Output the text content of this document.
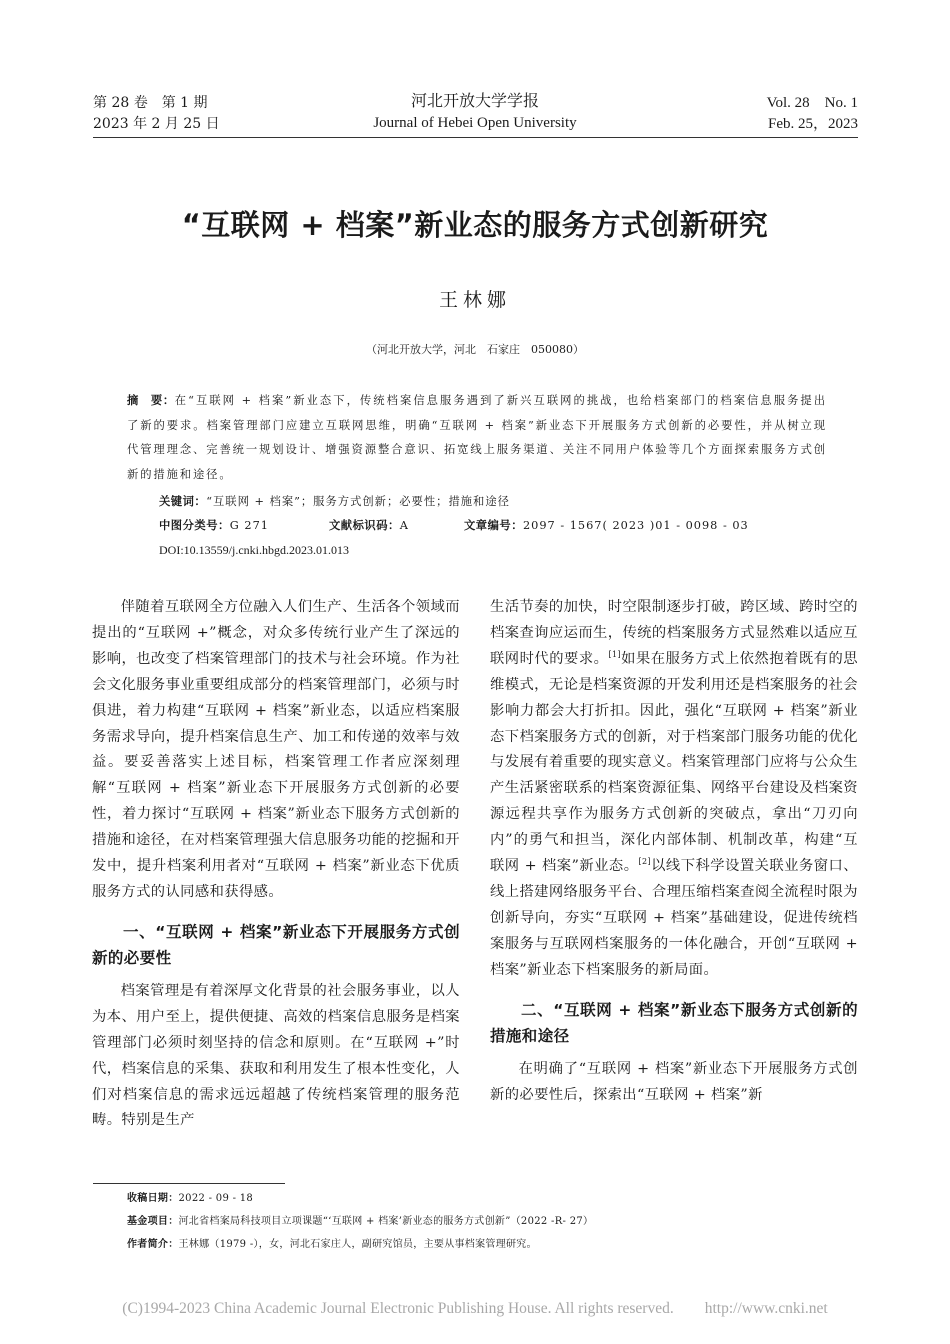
第 28 卷　第 1 期
2023 年 2 月 25 日
河北开放大学学报
Journal of Hebei Open University
Vol. 28　No. 1
Feb. 25，2023
“互联网 + 档案”新业态的服务方式创新研究
王林娜
（河北开放大学，河北　石家庄　050080）
摘　要：在“互联网 + 档案”新业态下，传统档案信息服务遇到了新兴互联网的挑战，也给档案部门的档案信息服务提出了新的要求。档案管理部门应建立互联网思维，明确“互联网 + 档案”新业态下开展服务方式创新的必要性，并从树立现代管理理念、完善统一规划设计、增强资源整合意识、拓宽线上服务渠道、关注不同用户体验等几个方面探索服务方式创新的措施和途径。
关键词：“互联网 + 档案”；服务方式创新；必要性；措施和途径
中图分类号：G 271	文献标识码：A	文章编号：2097 - 1567( 2023 )01 - 0098 - 03
DOI:10.13559/j.cnki.hbgd.2023.01.013

伴随着互联网全方位融入人们生产、生活各个领域而提出的“互联网 +”概念，对众多传统行业产生了深远的影响，也改变了档案管理部门的技术与社会环境。作为社会文化服务事业重要组成部分的档案管理部门，必须与时俱进，着力构建“互联网 + 档案”新业态，以适应档案服务需求导向，提升档案信息生产、加工和传递的效率与效益。要妥善落实上述目标，档案管理工作者应深刻理解“互联网 + 档案”新业态下开展服务方式创新的必要性，着力探讨“互联网 + 档案”新业态下服务方式创新的措施和途径，在对档案管理强大信息服务功能的挖掘和开发中，提升档案利用者对“互联网 + 档案”新业态下优质服务方式的认同感和获得感。

一、“互联网 + 档案”新业态下开展服务方式创新的必要性

档案管理是有着深厚文化背景的社会服务事业，以人为本、用户至上，提供便捷、高效的档案信息服务是档案管理部门必须时刻坚持的信念和原则。在“互联网 +”时代，档案信息的采集、获取和利用发生了根本性变化，人们对档案信息的需求远远超越了传统档案管理的服务范畴。特别是生产

生活节奏的加快，时空限制逐步打破，跨区域、跨时空的档案查询应运而生，传统的档案服务方式显然难以适应互联网时代的要求。[1]如果在服务方式上依然抱着既有的思维模式，无论是档案资源的开发利用还是档案服务的社会影响力都会大打折扣。因此，强化“互联网 + 档案”新业态下档案服务方式的创新，对于档案部门服务功能的优化与发展有着重要的现实意义。档案管理部门应将与公众生产生活紧密联系的档案资源征集、网络平台建设及档案资源远程共享作为服务方式创新的突破点，拿出“刀刃向内”的勇气和担当，深化内部体制、机制改革，构建“互联网 + 档案”新业态。[2]以线下科学设置关联业务窗口、线上搭建网络服务平台、合理压缩档案查阅全流程时限为创新导向，夯实“互联网 + 档案”基础建设，促进传统档案服务与互联网档案服务的一体化融合，开创“互联网 + 档案”新业态下档案服务的新局面。

二、“互联网 + 档案”新业态下服务方式创新的措施和途径

在明确了“互联网 + 档案”新业态下开展服务方式创新的必要性后，探索出“互联网 + 档案”新

收稿日期：2022 - 09 - 18
基金项目：河北省档案局科技项目立项课题“‘互联网 + 档案’新业态的服务方式创新”（2022 -R- 27）
作者简介：王林娜（1979 -），女，河北石家庄人，副研究馆员，主要从事档案管理研究。
(C)1994-2023 China Academic Journal Electronic Publishing House. All rights reserved.　　http://www.cnki.net
